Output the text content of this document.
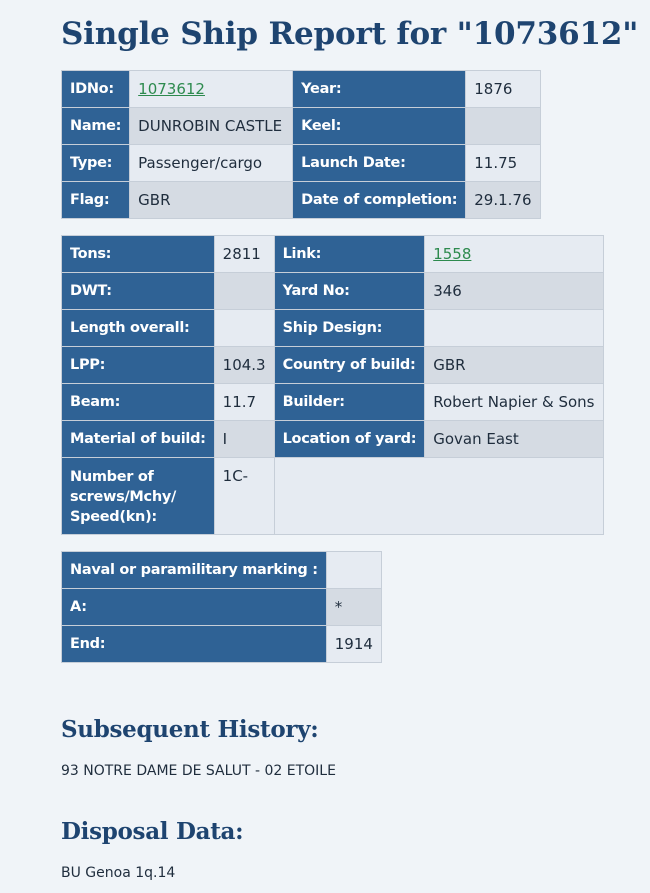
Single Ship Report for "1073612"
IDNo:	1073612	Year:	1876
Name:	DUNROBIN CASTLE	Keel:	
Type:	Passenger/cargo	Launch Date:	11.75
Flag:	GBR	Date of completion:	29.1.76
Tons:	2811	Link:	1558
DWT:		Yard No:	346
Length overall:		Ship Design:	
LPP:	104.3	Country of build:	GBR
Beam:	11.7	Builder:	Robert Napier & Sons
Material of build:	I	Location of yard:	Govan East
Number of screws/Mchy/ Speed(kn):	1C-		
Naval or paramilitary marking :	
A:	*
End:	1914
Subsequent History:

93 NOTRE DAME DE SALUT - 02 ETOILE

Disposal Data:

BU Genoa 1q.14
